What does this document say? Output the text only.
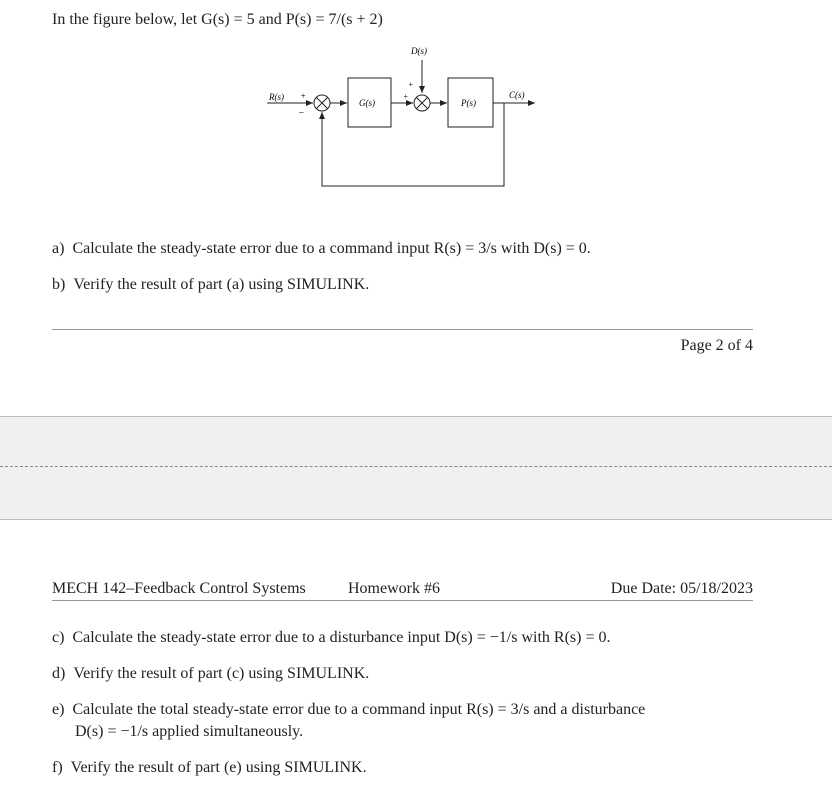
In the figure below, let G(s) = 5 and P(s) = 7/(s + 2)
R(s) +
−
G(s)
+
D(s)
+
P(s)
C(s)
a) Calculate the steady-state error due to a command input R(s) = 3/s with D(s) = 0.
b) Verify the result of part (a) using SIMULINK.
Page 2 of 4
MECH 142–Feedback Control Systems	Homework #6	Due Date: 05/18/2023
c) Calculate the steady-state error due to a disturbance input D(s) = −1/s with R(s) = 0.
d) Verify the result of part (c) using SIMULINK.
e) Calculate the total steady-state error due to a command input R(s) = 3/s and a disturbance
D(s) = −1/s applied simultaneously.
f) Verify the result of part (e) using SIMULINK.
